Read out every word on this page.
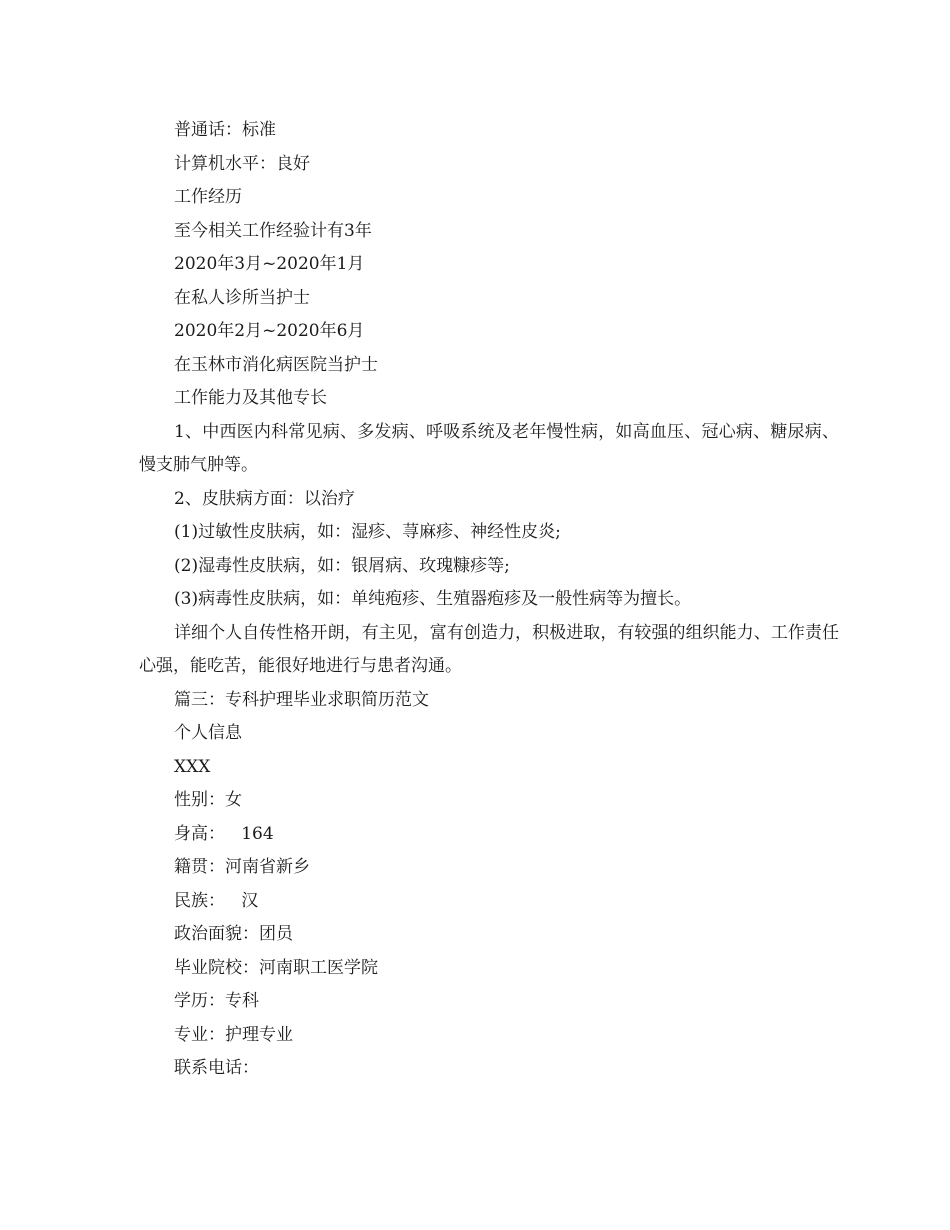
普通话：标准

计算机水平：良好

工作经历

至今相关工作经验计有3年

2020年3月~2020年1月

在私人诊所当护士

2020年2月~2020年6月

在玉林市消化病医院当护士

工作能力及其他专长

1、中西医内科常见病、多发病、呼吸系统及老年慢性病，如高血压、冠心病、糖尿病、慢支肺气肿等。

2、皮肤病方面：以治疗

(1)过敏性皮肤病，如：湿疹、荨麻疹、神经性皮炎;

(2)湿毒性皮肤病，如：银屑病、玫瑰糠疹等;

(3)病毒性皮肤病，如：单纯疱疹、生殖器疱疹及一般性病等为擅长。

详细个人自传性格开朗，有主见，富有创造力，积极进取，有较强的组织能力、工作责任心强，能吃苦，能很好地进行与患者沟通。

篇三：专科护理毕业求职简历范文

个人信息

XXX

性别：女

身高：   164

籍贯：河南省新乡

民族：   汉

政治面貌：团员

毕业院校：河南职工医学院

学历：专科

专业：护理专业

联系电话：
